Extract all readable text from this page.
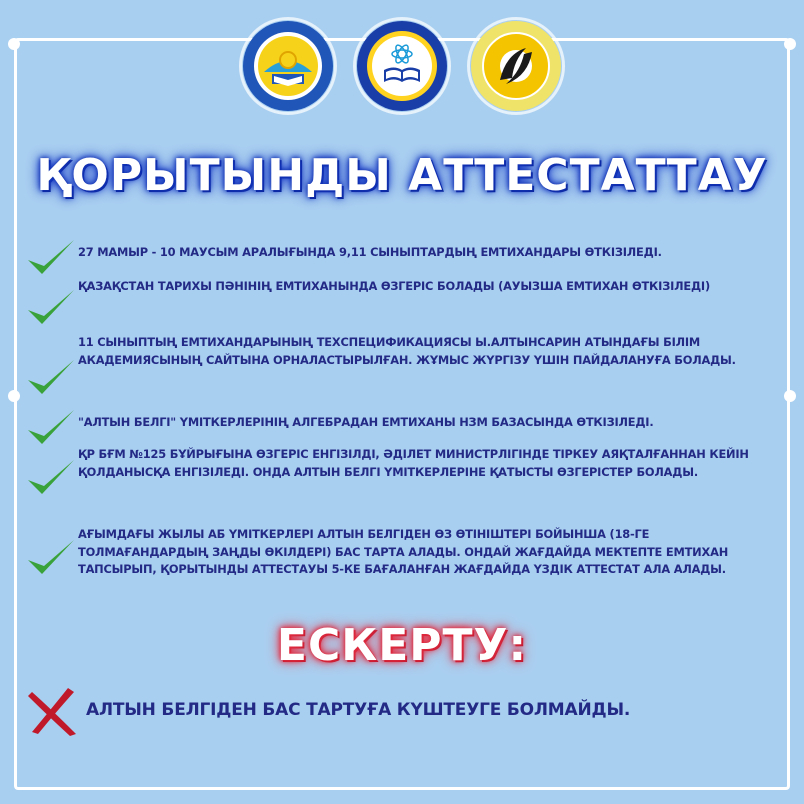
ҚОРЫТЫНДЫ АТТЕСТАТТАУ
27 МАМЫР - 10 МАУСЫМ АРАЛЫҒЫНДА 9,11 СЫНЫПТАРДЫҢ ЕМТИХАНДАРЫ ӨТКІЗІЛЕДІ.
ҚАЗАҚСТАН ТАРИХЫ ПӘНІНІҢ ЕМТИХАНЫНДА ӨЗГЕРІС БОЛАДЫ (АУЫЗША ЕМТИХАН ӨТКІЗІЛЕДІ)
11 СЫНЫПТЫҢ ЕМТИХАНДАРЫНЫҢ ТЕХСПЕЦИФИКАЦИЯСЫ Ы.АЛТЫНСАРИН АТЫНДАҒЫ БІЛІМ АКАДЕМИЯСЫНЫҢ САЙТЫНА ОРНАЛАСТЫРЫЛҒАН. ЖҰМЫС ЖҮРГІЗУ ҮШІН ПАЙДАЛАНУҒА БОЛАДЫ.
"АЛТЫН БЕЛГІ" ҮМІТКЕРЛЕРІНІҢ АЛГЕБРАДАН ЕМТИХАНЫ НЗМ БАЗАСЫНДА ӨТКІЗІЛЕДІ.
ҚР БҒМ №125 БҰЙРЫҒЫНА ӨЗГЕРІС ЕНГІЗІЛДІ, ӘДІЛЕТ МИНИСТРЛІГІНДЕ ТІРКЕУ АЯҚТАЛҒАННАН КЕЙІН ҚОЛДАНЫСҚА ЕНГІЗІЛЕДІ. ОНДА АЛТЫН БЕЛГІ ҮМІТКЕРЛЕРІНЕ ҚАТЫСТЫ ӨЗГЕРІСТЕР БОЛАДЫ.
АҒЫМДАҒЫ ЖЫЛЫ АБ ҮМІТКЕРЛЕРІ АЛТЫН БЕЛГІДЕН ӨЗ ӨТІНІШТЕРІ БОЙЫНША (18-ГЕ ТОЛМАҒАНДАРДЫҢ ЗАҢДЫ ӨКІЛДЕРІ) БАС ТАРТА АЛАДЫ. ОНДАЙ ЖАҒДАЙДА МЕКТЕПТЕ ЕМТИХАН ТАПСЫРЫП, ҚОРЫТЫНДЫ АТТЕСТАУЫ 5-КЕ БАҒАЛАНҒАН ЖАҒДАЙДА ҮЗДІК АТТЕСТАТ АЛА АЛАДЫ.
ЕСКЕРТУ:
АЛТЫН БЕЛГІДЕН БАС ТАРТУҒА КҮШТЕУГЕ БОЛМАЙДЫ.
